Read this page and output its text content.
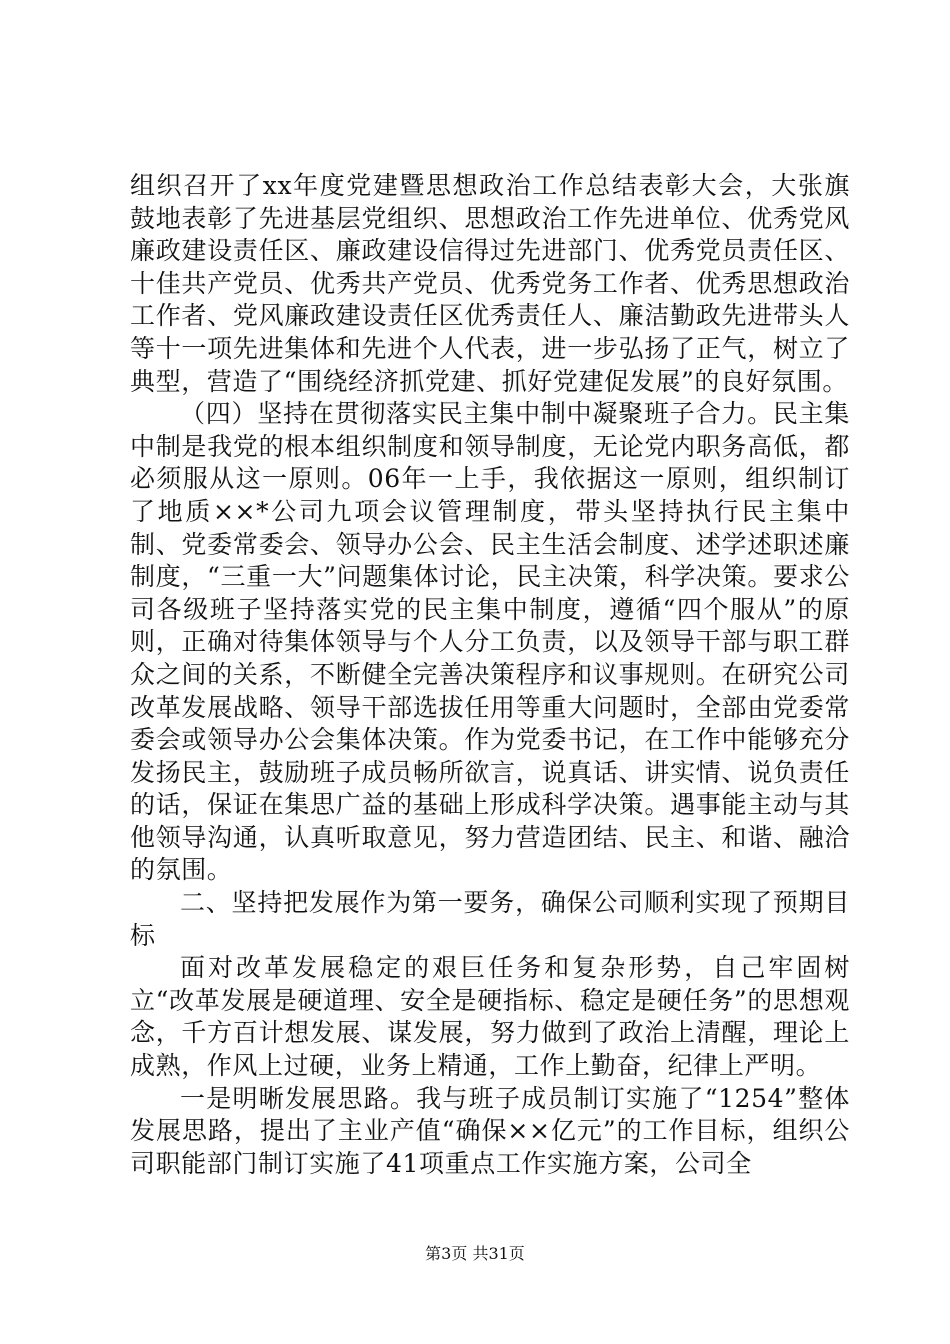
组织召开了xx年度党建暨思想政治工作总结表彰大会，大张旗鼓地表彰了先进基层党组织、思想政治工作先进单位、优秀党风廉政建设责任区、廉政建设信得过先进部门、优秀党员责任区、十佳共产党员、优秀共产党员、优秀党务工作者、优秀思想政治工作者、党风廉政建设责任区优秀责任人、廉洁勤政先进带头人等十一项先进集体和先进个人代表，进一步弘扬了正气，树立了典型，营造了“围绕经济抓党建、抓好党建促发展”的良好氛围。

（四）坚持在贯彻落实民主集中制中凝聚班子合力。民主集中制是我党的根本组织制度和领导制度，无论党内职务高低，都必须服从这一原则。06年一上手，我依据这一原则，组织制订了地质××*公司九项会议管理制度，带头坚持执行民主集中制、党委常委会、领导办公会、民主生活会制度、述学述职述廉制度，“三重一大”问题集体讨论，民主决策，科学决策。要求公司各级班子坚持落实党的民主集中制度，遵循“四个服从”的原则，正确对待集体领导与个人分工负责，以及领导干部与职工群众之间的关系，不断健全完善决策程序和议事规则。在研究公司改革发展战略、领导干部选拔任用等重大问题时，全部由党委常委会或领导办公会集体决策。作为党委书记，在工作中能够充分发扬民主，鼓励班子成员畅所欲言，说真话、讲实情、说负责任的话，保证在集思广益的基础上形成科学决策。遇事能主动与其他领导沟通，认真听取意见，努力营造团结、民主、和谐、融洽的氛围。

二、坚持把发展作为第一要务，确保公司顺利实现了预期目标

面对改革发展稳定的艰巨任务和复杂形势，自己牢固树立“改革发展是硬道理、安全是硬指标、稳定是硬任务”的思想观念，千方百计想发展、谋发展，努力做到了政治上清醒，理论上成熟，作风上过硬，业务上精通，工作上勤奋，纪律上严明。

一是明晰发展思路。我与班子成员制订实施了“1254”整体发展思路，提出了主业产值“确保××亿元”的工作目标，组织公司职能部门制订实施了41项重点工作实施方案，公司全

第3页 共31页
